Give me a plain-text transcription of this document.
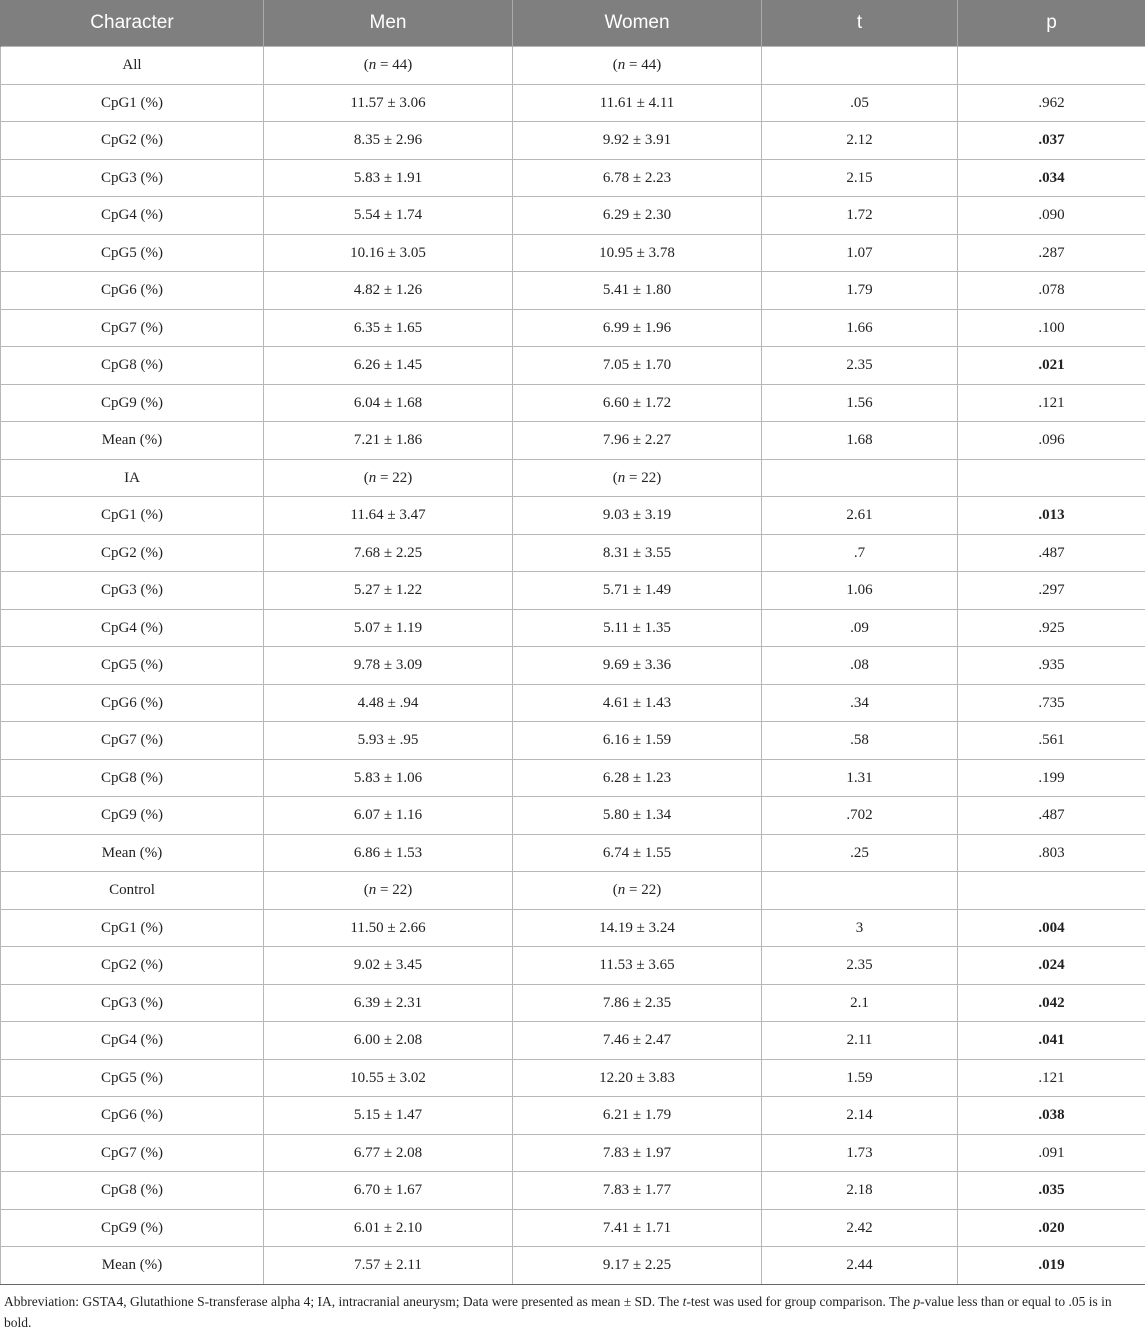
Character	Men	Women	t	p
All	(n = 44)	(n = 44)		
CpG1 (%)	11.57 ± 3.06	11.61 ± 4.11	.05	.962
CpG2 (%)	8.35 ± 2.96	9.92 ± 3.91	2.12	.037
CpG3 (%)	5.83 ± 1.91	6.78 ± 2.23	2.15	.034
CpG4 (%)	5.54 ± 1.74	6.29 ± 2.30	1.72	.090
CpG5 (%)	10.16 ± 3.05	10.95 ± 3.78	1.07	.287
CpG6 (%)	4.82 ± 1.26	5.41 ± 1.80	1.79	.078
CpG7 (%)	6.35 ± 1.65	6.99 ± 1.96	1.66	.100
CpG8 (%)	6.26 ± 1.45	7.05 ± 1.70	2.35	.021
CpG9 (%)	6.04 ± 1.68	6.60 ± 1.72	1.56	.121
Mean (%)	7.21 ± 1.86	7.96 ± 2.27	1.68	.096
IA	(n = 22)	(n = 22)		
CpG1 (%)	11.64 ± 3.47	9.03 ± 3.19	2.61	.013
CpG2 (%)	7.68 ± 2.25	8.31 ± 3.55	.7	.487
CpG3 (%)	5.27 ± 1.22	5.71 ± 1.49	1.06	.297
CpG4 (%)	5.07 ± 1.19	5.11 ± 1.35	.09	.925
CpG5 (%)	9.78 ± 3.09	9.69 ± 3.36	.08	.935
CpG6 (%)	4.48 ± .94	4.61 ± 1.43	.34	.735
CpG7 (%)	5.93 ± .95	6.16 ± 1.59	.58	.561
CpG8 (%)	5.83 ± 1.06	6.28 ± 1.23	1.31	.199
CpG9 (%)	6.07 ± 1.16	5.80 ± 1.34	.702	.487
Mean (%)	6.86 ± 1.53	6.74 ± 1.55	.25	.803
Control	(n = 22)	(n = 22)		
CpG1 (%)	11.50 ± 2.66	14.19 ± 3.24	3	.004
CpG2 (%)	9.02 ± 3.45	11.53 ± 3.65	2.35	.024
CpG3 (%)	6.39 ± 2.31	7.86 ± 2.35	2.1	.042
CpG4 (%)	6.00 ± 2.08	7.46 ± 2.47	2.11	.041
CpG5 (%)	10.55 ± 3.02	12.20 ± 3.83	1.59	.121
CpG6 (%)	5.15 ± 1.47	6.21 ± 1.79	2.14	.038
CpG7 (%)	6.77 ± 2.08	7.83 ± 1.97	1.73	.091
CpG8 (%)	6.70 ± 1.67	7.83 ± 1.77	2.18	.035
CpG9 (%)	6.01 ± 2.10	7.41 ± 1.71	2.42	.020
Mean (%)	7.57 ± 2.11	9.17 ± 2.25	2.44	.019
Abbreviation: GSTA4, Glutathione S-transferase alpha 4; IA, intracranial aneurysm; Data were presented as mean ± SD. The t-test was used for group comparison. The p-value less than or equal to .05 is in bold.
